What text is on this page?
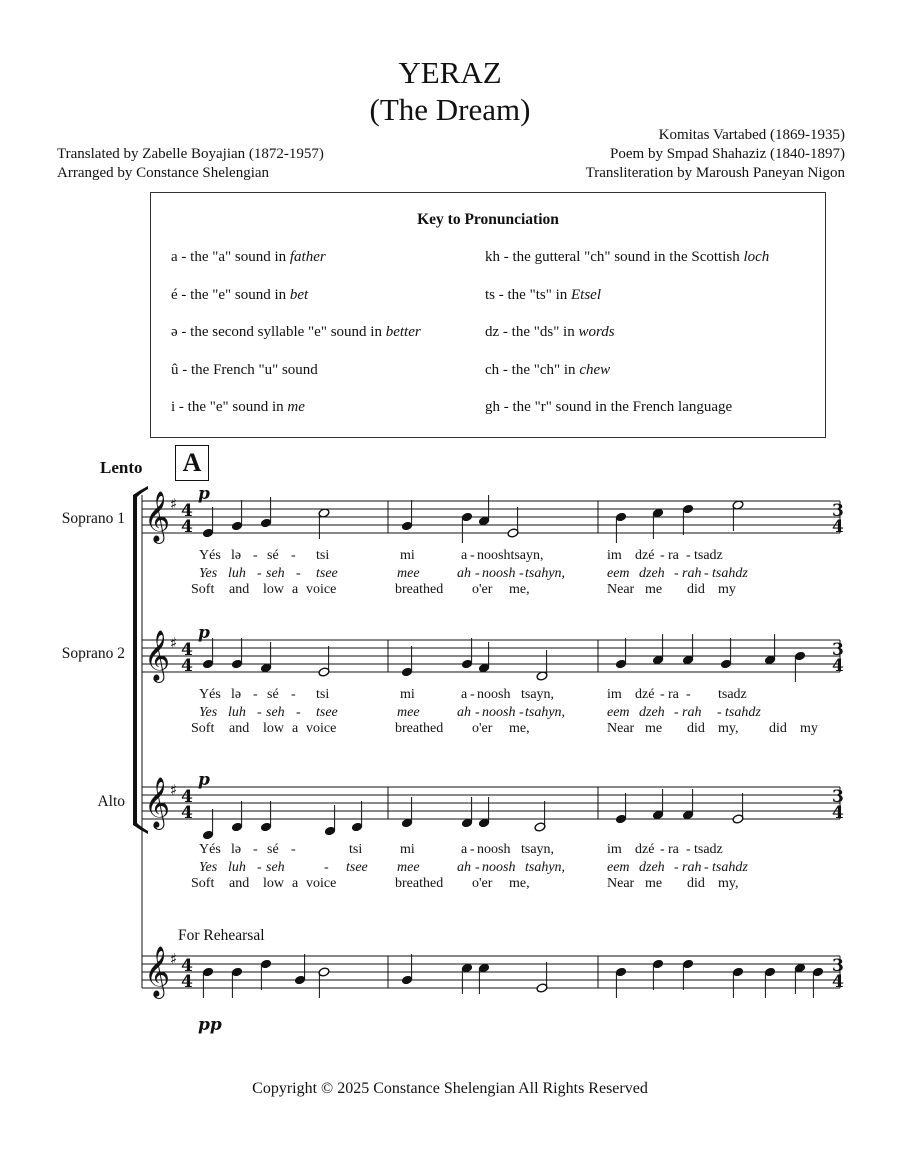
YERAZ
(The Dream)
Translated by Zabelle Boyajian (1872-1957)
Arranged by Constance Shelengian
Komitas Vartabed (1869-1935)
Poem by Smpad Shahaziz (1840-1897)
Transliteration by Maroush Paneyan Nigon
Key to Pronunciation
a - the "a" sound in father
é - the "e" sound in bet
ə - the second syllable "e" sound in better
û - the French "u" sound
i - the "e" sound in me
kh - the gutteral "ch" sound in the Scottish loch
ts - the "ts" in Etsel
dz - the "ds" in words
ch - the "ch" in chew
gh - the "r" sound in the French language
Lento A
Soprano 1
Soprano 2
Alto
𝄞
𝄞
𝄞
𝄞
♯
♯
♯
♯
p
p
p
pp
4
4
3
4
4
4
3
4
4
4
3
4
4
4
3
4
Yés lə - sé - tsi	mi	a - nooshtsayn,	im dzé - ra - tsadz
Yes luh - seh - tsee	mee	ah - noosh - tsahyn,	eem dzeh - rah - tsahdz
Soft and low a voice	breathed o'er me,	Near me did my
Yés lə - sé - tsi	mi	a - noosh tsayn,	im dzé - ra - tsadz
Yes luh - seh - tsee	mee	ah - noosh - tsahyn,	eem dzeh - rah - tsahdz
Soft and low a voice	breathed o'er me,	Near me did my, did my
Yés lə - sé -	tsi	mi	a - noosh tsayn,	im dzé - ra - tsadz
Yes luh - seh	- tsee mee	ah - noosh tsahyn,	eem dzeh - rah - tsahdz
Soft and low a voice	breathed o'er me,	Near me did my,
For Rehearsal
Copyright © 2025 Constance Shelengian All Rights Reserved
